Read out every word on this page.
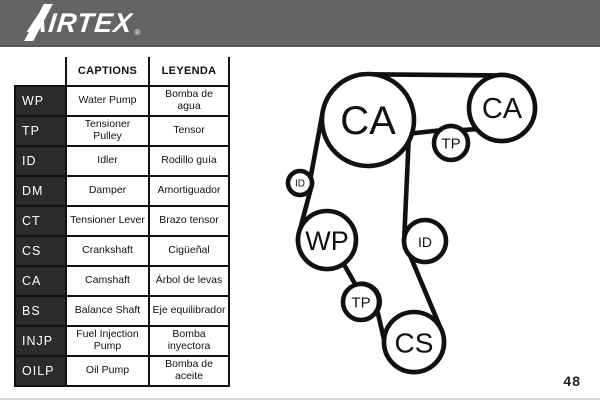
AIRTEX ®
	CAPTIONS	LEYENDA
WP	Water Pump	Bomba de agua
TP	Tensioner Pulley	Tensor
ID	Idler	Rodillo guía
DM	Damper	Amortiguador
CT	Tensioner Lever	Brazo tensor
CS	Crankshaft	Cigüeñal
CA	Camshaft	Árbol de levas
BS	Balance Shaft	Eje equilibrador
INJP	Fuel Injection Pump	Bomba inyectora
OILP	Oil Pump	Bomba de aceite
CA	CA
TP
ID
WP	ID
TP
CS
48
